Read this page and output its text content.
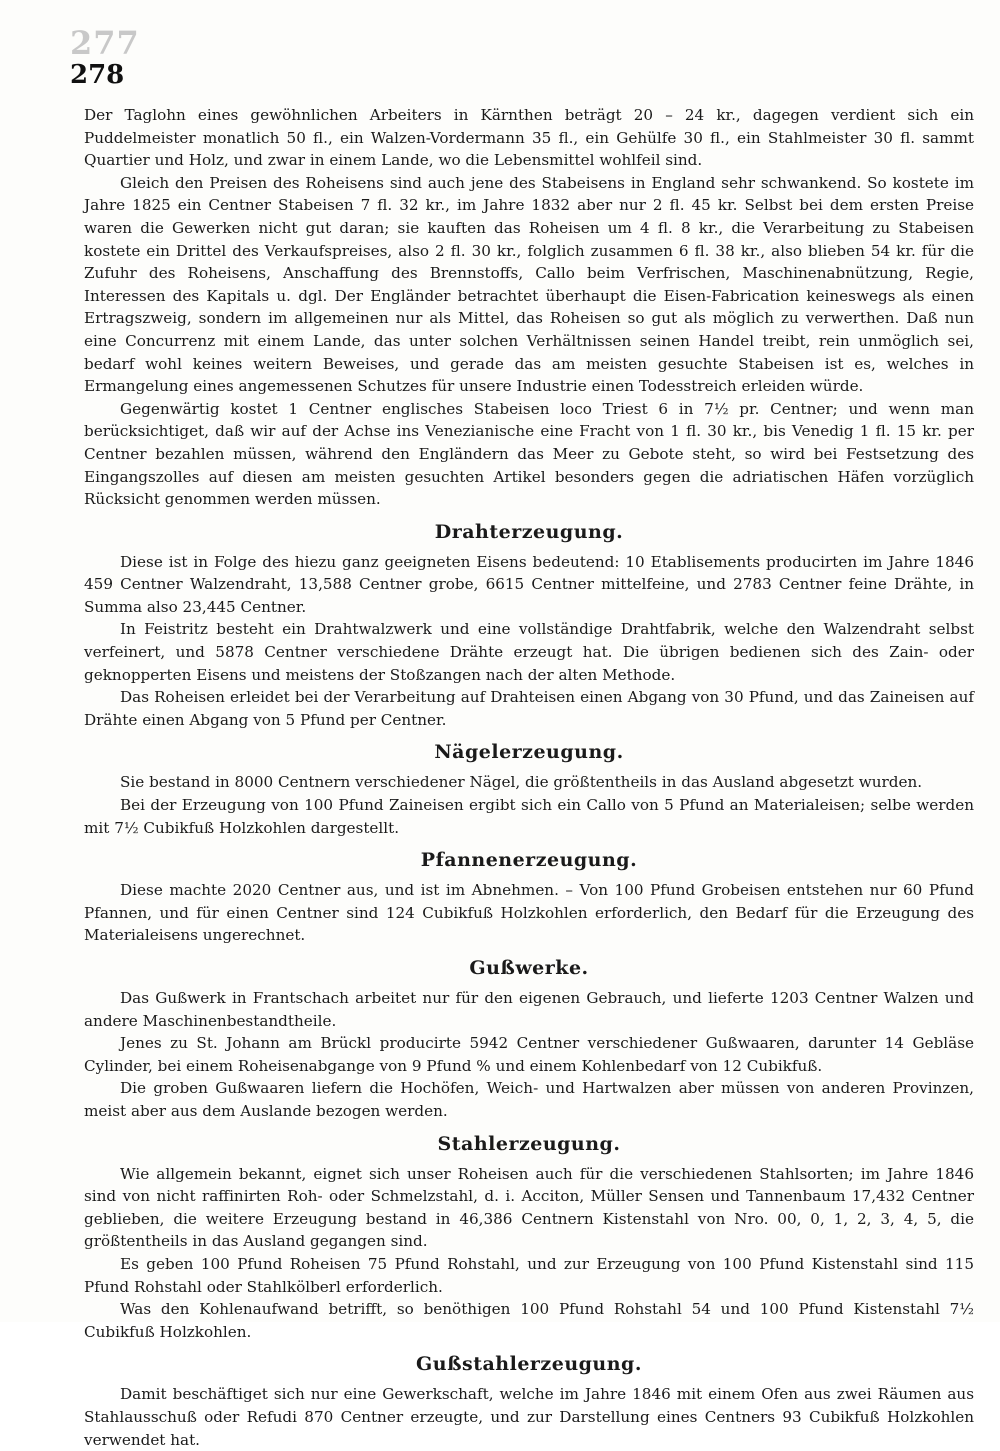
277
278

Der Taglohn eines gewöhnlichen Arbeiters in Kärnthen beträgt 20 – 24 kr., dagegen verdient sich ein Puddelmeister monatlich 50 fl., ein Walzen-Vordermann 35 fl., ein Gehülfe 30 fl., ein Stahlmeister 30 fl. sammt Quartier und Holz, und zwar in einem Lande, wo die Lebensmittel wohlfeil sind.

Gleich den Preisen des Roheisens sind auch jene des Stabeisens in England sehr schwankend. So kostete im Jahre 1825 ein Centner Stabeisen 7 fl. 32 kr., im Jahre 1832 aber nur 2 fl. 45 kr. Selbst bei dem ersten Preise waren die Gewerken nicht gut daran; sie kauften das Roheisen um 4 fl. 8 kr., die Verarbeitung zu Stabeisen kostete ein Drittel des Verkaufspreises, also 2 fl. 30 kr., folglich zusammen 6 fl. 38 kr., also blieben 54 kr. für die Zufuhr des Roheisens, Anschaffung des Brennstoffs, Callo beim Verfrischen, Maschinenabnützung, Regie, Interessen des Kapitals u. dgl. Der Engländer betrachtet überhaupt die Eisen-Fabrication keineswegs als einen Ertragszweig, sondern im allgemeinen nur als Mittel, das Roheisen so gut als möglich zu verwerthen. Daß nun eine Concurrenz mit einem Lande, das unter solchen Verhältnissen seinen Handel treibt, rein unmöglich sei, bedarf wohl keines weitern Beweises, und gerade das am meisten gesuchte Stabeisen ist es, welches in Ermangelung eines angemessenen Schutzes für unsere Industrie einen Todesstreich erleiden würde.

Gegenwärtig kostet 1 Centner englisches Stabeisen loco Triest 6 in 7½ pr. Centner; und wenn man berücksichtiget, daß wir auf der Achse ins Venezianische eine Fracht von 1 fl. 30 kr., bis Venedig 1 fl. 15 kr. per Centner bezahlen müssen, während den Engländern das Meer zu Gebote steht, so wird bei Festsetzung des Eingangszolles auf diesen am meisten gesuchten Artikel besonders gegen die adriatischen Häfen vorzüglich Rücksicht genommen werden müssen.

Drahterzeugung.

Diese ist in Folge des hiezu ganz geeigneten Eisens bedeutend: 10 Etablisements producirten im Jahre 1846 459 Centner Walzendraht, 13,588 Centner grobe, 6615 Centner mittelfeine, und 2783 Centner feine Drähte, in Summa also 23,445 Centner.

In Feistritz besteht ein Drahtwalzwerk und eine vollständige Drahtfabrik, welche den Walzendraht selbst verfeinert, und 5878 Centner verschiedene Drähte erzeugt hat. Die übrigen bedienen sich des Zain- oder geknopperten Eisens und meistens der Stoßzangen nach der alten Methode.

Das Roheisen erleidet bei der Verarbeitung auf Drahteisen einen Abgang von 30 Pfund, und das Zaineisen auf Drähte einen Abgang von 5 Pfund per Centner.

Nägelerzeugung.

Sie bestand in 8000 Centnern verschiedener Nägel, die größtentheils in das Ausland abgesetzt wurden.

Bei der Erzeugung von 100 Pfund Zaineisen ergibt sich ein Callo von 5 Pfund an Materialeisen; selbe werden mit 7½ Cubikfuß Holzkohlen dargestellt.

Pfannenerzeugung.

Diese machte 2020 Centner aus, und ist im Abnehmen. – Von 100 Pfund Grobeisen entstehen nur 60 Pfund Pfannen, und für einen Centner sind 124 Cubikfuß Holzkohlen erforderlich, den Bedarf für die Erzeugung des Materialeisens ungerechnet.

Gußwerke.

Das Gußwerk in Frantschach arbeitet nur für den eigenen Gebrauch, und lieferte 1203 Centner Walzen und andere Maschinenbestandtheile.

Jenes zu St. Johann am Brückl producirte 5942 Centner verschiedener Gußwaaren, darunter 14 Gebläse Cylinder, bei einem Roheisenabgange von 9 Pfund % und einem Kohlenbedarf von 12 Cubikfuß.

Die groben Gußwaaren liefern die Hochöfen, Weich- und Hartwalzen aber müssen von anderen Provinzen, meist aber aus dem Auslande bezogen werden.

Stahlerzeugung.

Wie allgemein bekannt, eignet sich unser Roheisen auch für die verschiedenen Stahlsorten; im Jahre 1846 sind von nicht raffinirten Roh- oder Schmelzstahl, d. i. Acciton, Müller Sensen und Tannenbaum 17,432 Centner geblieben, die weitere Erzeugung bestand in 46,386 Centnern Kistenstahl von Nro. 00, 0, 1, 2, 3, 4, 5, die größtentheils in das Ausland gegangen sind.

Es geben 100 Pfund Roheisen 75 Pfund Rohstahl, und zur Erzeugung von 100 Pfund Kistenstahl sind 115 Pfund Rohstahl oder Stahlkölberl erforderlich.

Was den Kohlenaufwand betrifft, so benöthigen 100 Pfund Rohstahl 54 und 100 Pfund Kistenstahl 7½ Cubikfuß Holzkohlen.

Gußstahlerzeugung.

Damit beschäftiget sich nur eine Gewerkschaft, welche im Jahre 1846 mit einem Ofen aus zwei Räumen aus Stahlausschuß oder Refudi 870 Centner erzeugte, und zur Darstellung eines Centners 93 Cubikfuß Holzkohlen verwendet hat.
